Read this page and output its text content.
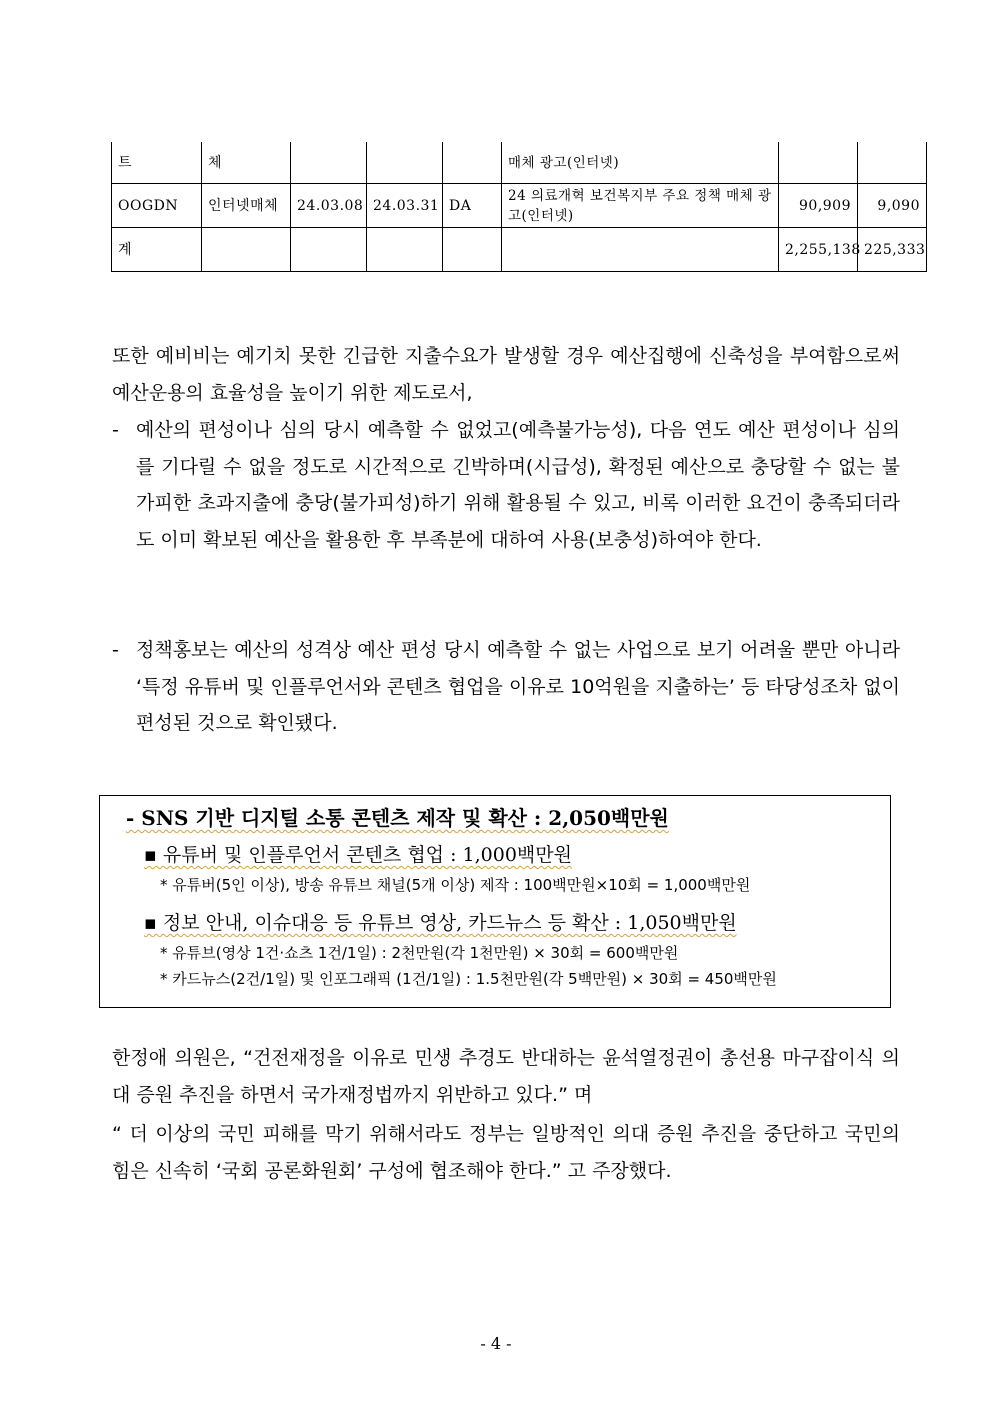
트	체				매체 광고(인터넷)		
OOGDN	인터넷매체	24.03.08	24.03.31	DA	24 의료개혁 보건복지부 주요 정책 매체 광고(인터넷)	90,909	9,090
계						2,255,138	225,333

또한 예비비는 예기치 못한 긴급한 지출수요가 발생할 경우 예산집행에 신축성을 부여함으로써 예산운용의 효율성을 높이기 위한 제도로서,

- 예산의 편성이나 심의 당시 예측할 수 없었고(예측불가능성), 다음 연도 예산 편성이나 심의를 기다릴 수 없을 정도로 시간적으로 긴박하며(시급성), 확정된 예산으로 충당할 수 없는 불가피한 초과지출에 충당(불가피성)하기 위해 활용될 수 있고, 비록 이러한 요건이 충족되더라도 이미 확보된 예산을 활용한 후 부족분에 대하여 사용(보충성)하여야 한다.
- 정책홍보는 예산의 성격상 예산 편성 당시 예측할 수 없는 사업으로 보기 어려울 뿐만 아니라 ‘특정 유튜버 및 인플루언서와 콘텐츠 협업을 이유로 10억원을 지출하는’ 등 타당성조차 없이 편성된 것으로 확인됐다.
- SNS 기반 디지털 소통 콘텐츠 제작 및 확산 : 2,050백만원
▪ 유튜버 및 인플루언서 콘텐츠 협업 : 1,000백만원
* 유튜버(5인 이상), 방송 유튜브 채널(5개 이상) 제작 : 100백만원×10회 = 1,000백만원
▪ 정보 안내, 이슈대응 등 유튜브 영상, 카드뉴스 등 확산 : 1,050백만원
* 유튜브(영상 1건·쇼츠 1건/1일) : 2천만원(각 1천만원) × 30회 = 600백만원
* 카드뉴스(2건/1일) 및 인포그래픽 (1건/1일) : 1.5천만원(각 5백만원) × 30회 = 450백만원

한정애 의원은, “건전재정을 이유로 민생 추경도 반대하는 윤석열정권이 총선용 마구잡이식 의대 증원 추진을 하면서 국가재정법까지 위반하고 있다.” 며

“ 더 이상의 국민 피해를 막기 위해서라도 정부는 일방적인 의대 증원 추진을 중단하고 국민의 힘은 신속히 ‘국회 공론화원회’ 구성에 협조해야 한다.” 고 주장했다.

- 4 -
